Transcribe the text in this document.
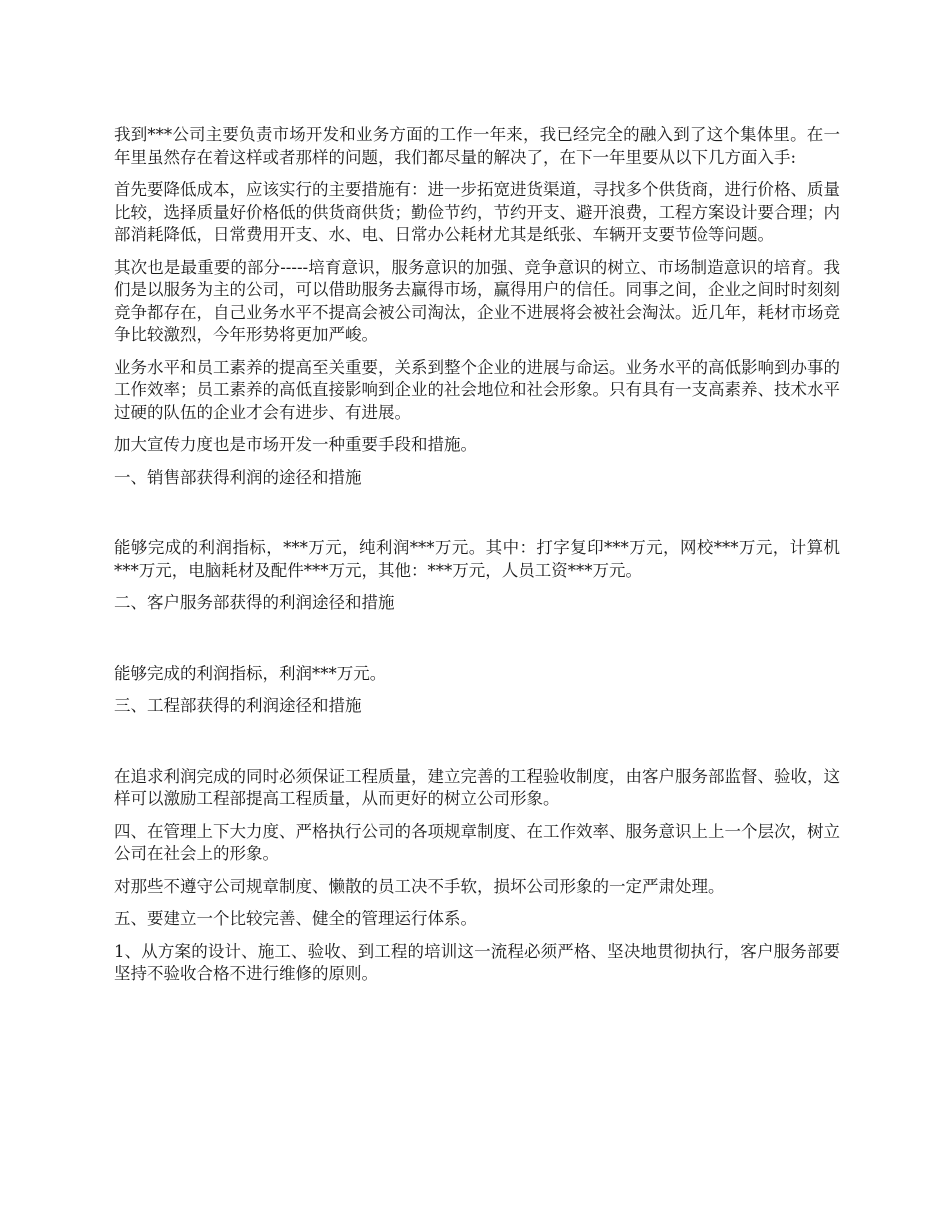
我到***公司主要负责市场开发和业务方面的工作一年来，我已经完全的融入到了这个集体里。在一年里虽然存在着这样或者那样的问题，我们都尽量的解决了，在下一年里要从以下几方面入手:

首先要降低成本，应该实行的主要措施有：进一步拓宽进货渠道，寻找多个供货商，进行价格、质量比较，选择质量好价格低的供货商供货；勤俭节约，节约开支、避开浪费，工程方案设计要合理；内部消耗降低，日常费用开支、水、电、日常办公耗材尤其是纸张、车辆开支要节俭等问题。

其次也是最重要的部分-----培育意识，服务意识的加强、竞争意识的树立、市场制造意识的培育。我们是以服务为主的公司，可以借助服务去赢得市场，赢得用户的信任。同事之间，企业之间时时刻刻竞争都存在，自己业务水平不提高会被公司淘汰，企业不进展将会被社会淘汰。近几年，耗材市场竞争比较激烈，今年形势将更加严峻。

业务水平和员工素养的提高至关重要，关系到整个企业的进展与命运。业务水平的高低影响到办事的工作效率；员工素养的高低直接影响到企业的社会地位和社会形象。只有具有一支高素养、技术水平过硬的队伍的企业才会有进步、有进展。

加大宣传力度也是市场开发一种重要手段和措施。

一、销售部获得利润的途径和措施

能够完成的利润指标，***万元，纯利润***万元。其中：打字复印***万元，网校***万元，计算机***万元，电脑耗材及配件***万元，其他：***万元，人员工资***万元。

二、客户服务部获得的利润途径和措施

能够完成的利润指标，利润***万元。

三、工程部获得的利润途径和措施

在追求利润完成的同时必须保证工程质量，建立完善的工程验收制度，由客户服务部监督、验收，这样可以激励工程部提高工程质量，从而更好的树立公司形象。

四、在管理上下大力度、严格执行公司的各项规章制度、在工作效率、服务意识上上一个层次，树立公司在社会上的形象。

对那些不遵守公司规章制度、懒散的员工决不手软，损坏公司形象的一定严肃处理。

五、要建立一个比较完善、健全的管理运行体系。

1、从方案的设计、施工、验收、到工程的培训这一流程必须严格、坚决地贯彻执行，客户服务部要坚持不验收合格不进行维修的原则。
